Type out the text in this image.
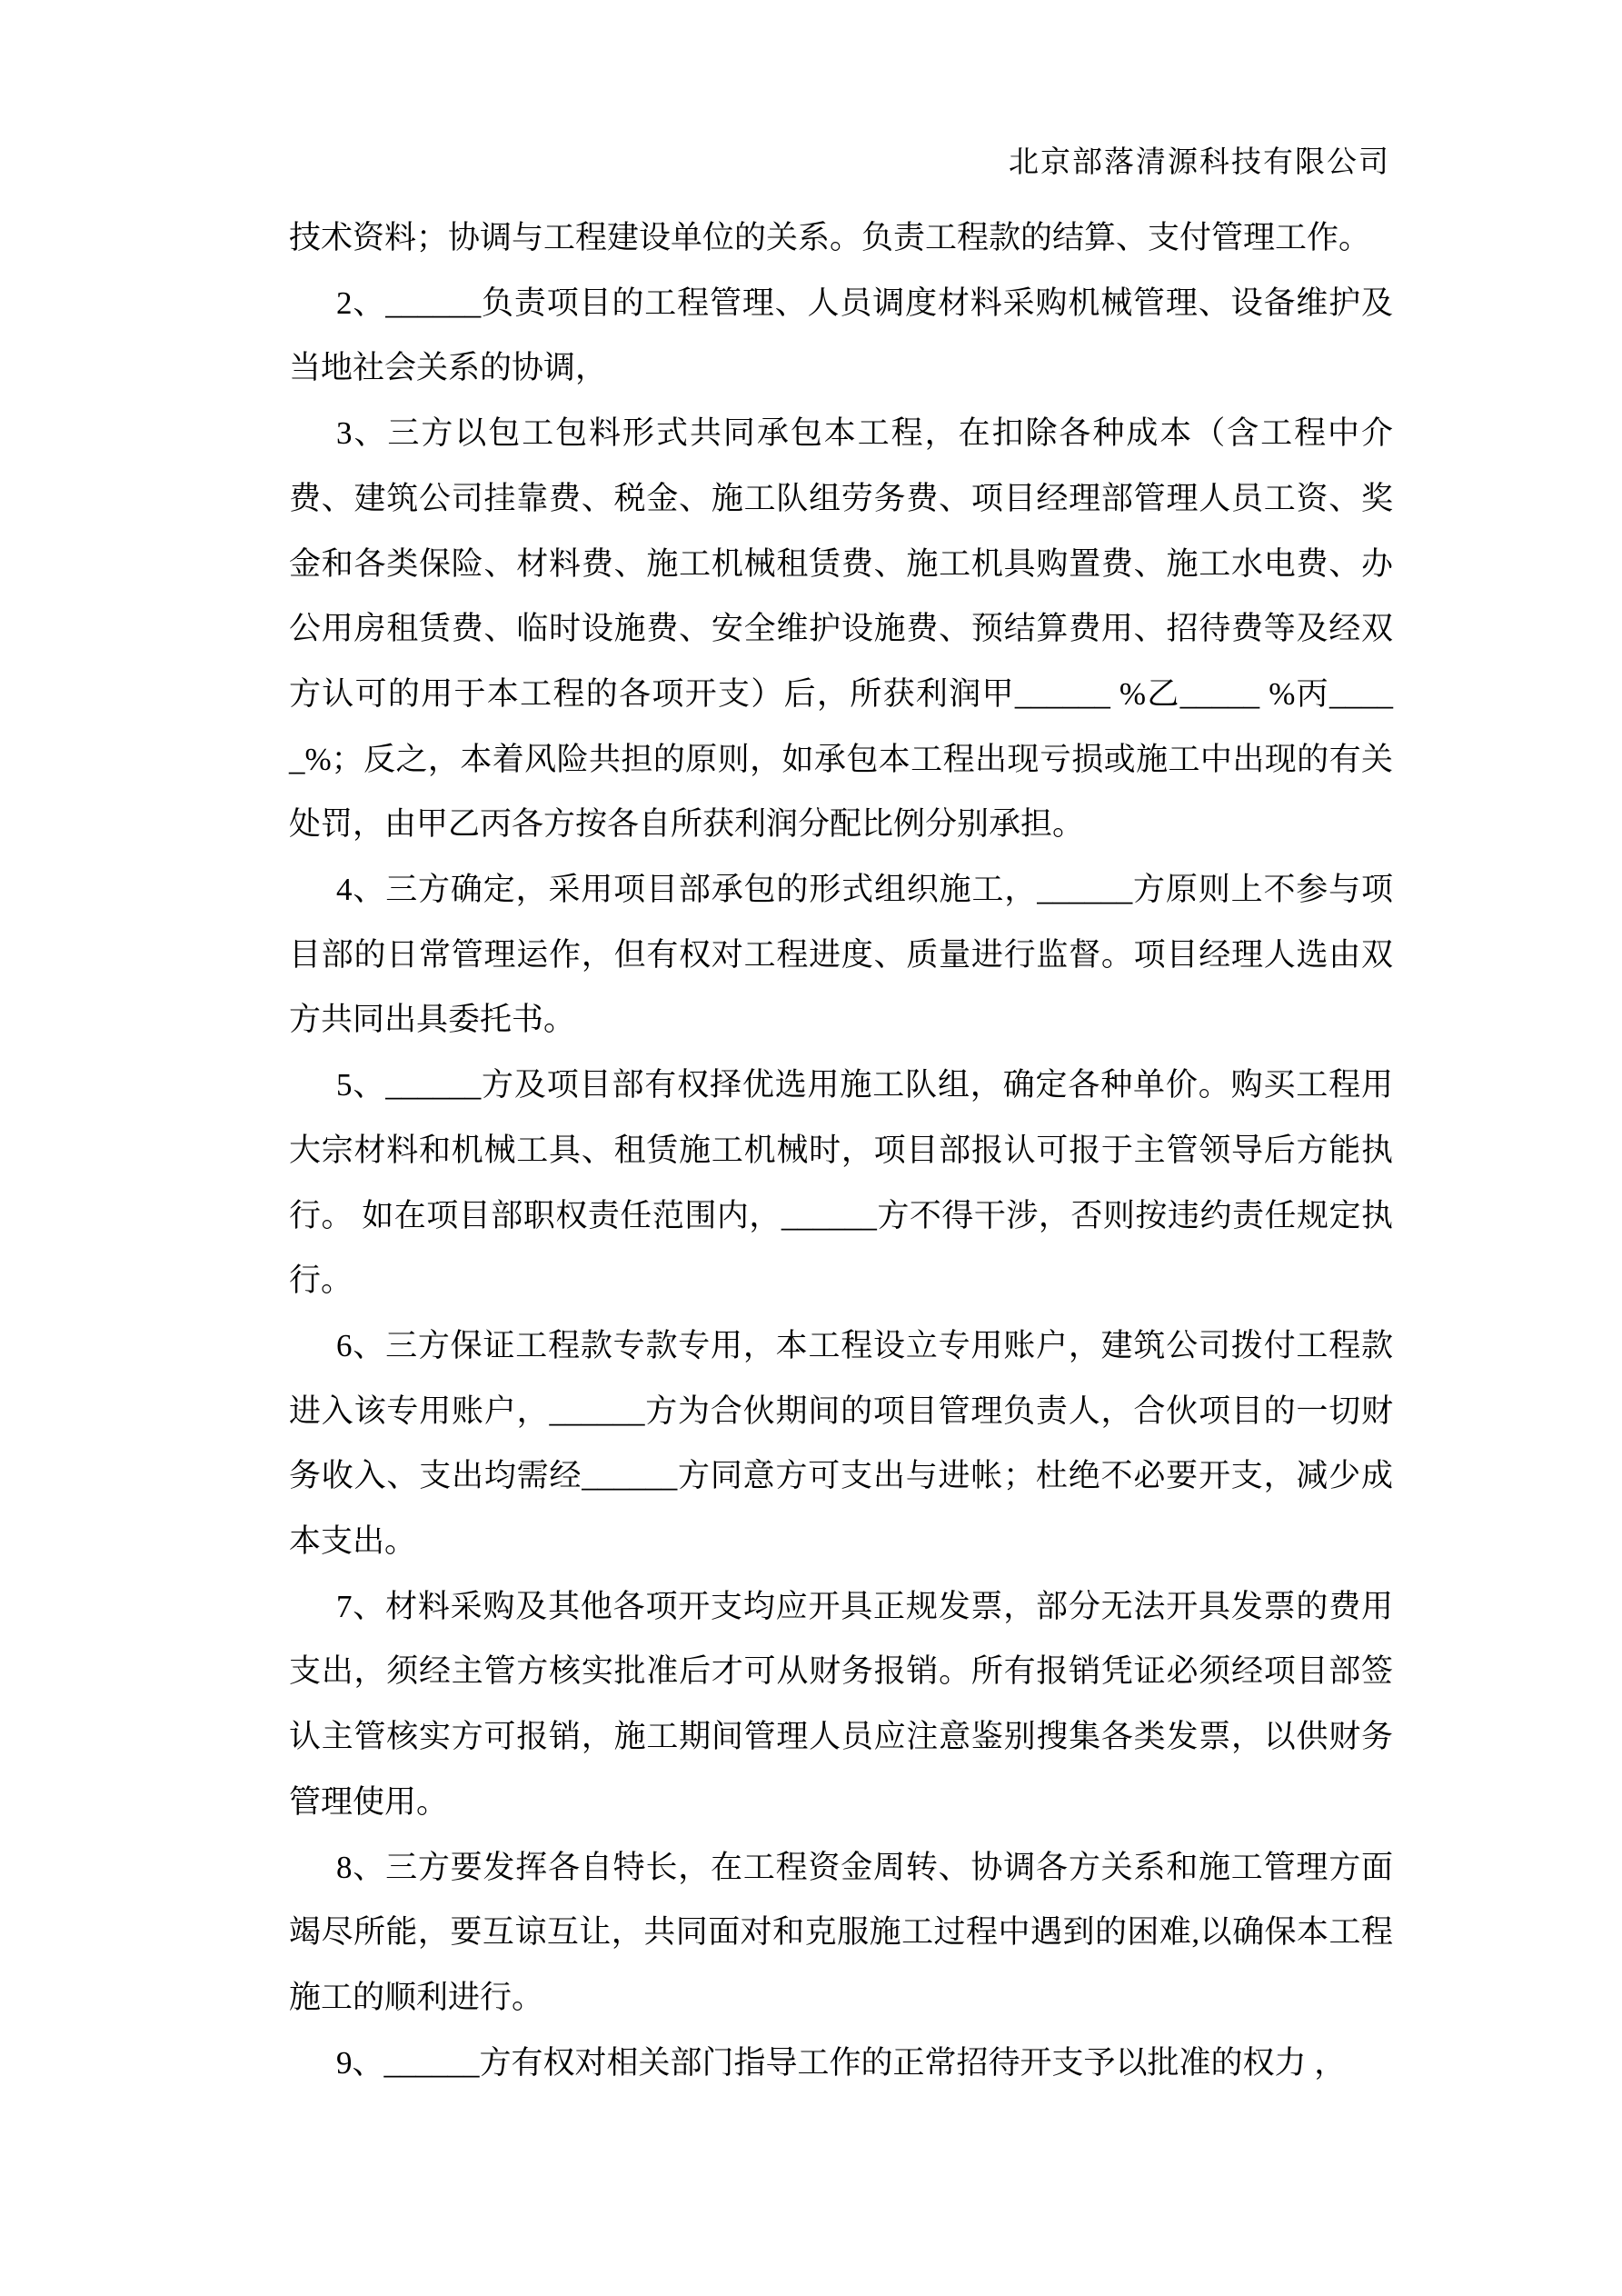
北京部落清源科技有限公司

技术资料；协调与工程建设单位的关系。负责工程款的结算、支付管理工作。

2、______负责项目的工程管理、人员调度材料采购机械管理、设备维护及当地社会关系的协调，

3、三方以包工包料形式共同承包本工程，在扣除各种成本（含工程中介费、建筑公司挂靠费、税金、施工队组劳务费、项目经理部管理人员工资、奖金和各类保险、材料费、施工机械租赁费、施工机具购置费、施工水电费、办公用房租赁费、临时设施费、安全维护设施费、预结算费用、招待费等及经双方认可的用于本工程的各项开支）后，所获利润甲______ %乙_____ %丙_____%；反之，本着风险共担的原则，如承包本工程出现亏损或施工中出现的有关处罚，由甲乙丙各方按各自所获利润分配比例分别承担。

4、三方确定，采用项目部承包的形式组织施工，______方原则上不参与项目部的日常管理运作，但有权对工程进度、质量进行监督。项目经理人选由双方共同出具委托书。

5、______方及项目部有权择优选用施工队组，确定各种单价。购买工程用大宗材料和机械工具、租赁施工机械时，项目部报认可报于主管领导后方能执行。 如在项目部职权责任范围内，______方不得干涉，否则按违约责任规定执行。

6、三方保证工程款专款专用，本工程设立专用账户，建筑公司拨付工程款进入该专用账户，______方为合伙期间的项目管理负责人，合伙项目的一切财务收入、支出均需经______方同意方可支出与进帐；杜绝不必要开支，减少成本支出。

7、材料采购及其他各项开支均应开具正规发票，部分无法开具发票的费用支出，须经主管方核实批准后才可从财务报销。所有报销凭证必须经项目部签认主管核实方可报销，施工期间管理人员应注意鉴别搜集各类发票，以供财务管理使用。

8、三方要发挥各自特长，在工程资金周转、协调各方关系和施工管理方面竭尽所能，要互谅互让，共同面对和克服施工过程中遇到的困难,以确保本工程施工的顺利进行。

9、______方有权对相关部门指导工作的正常招待开支予以批准的权力 ，
